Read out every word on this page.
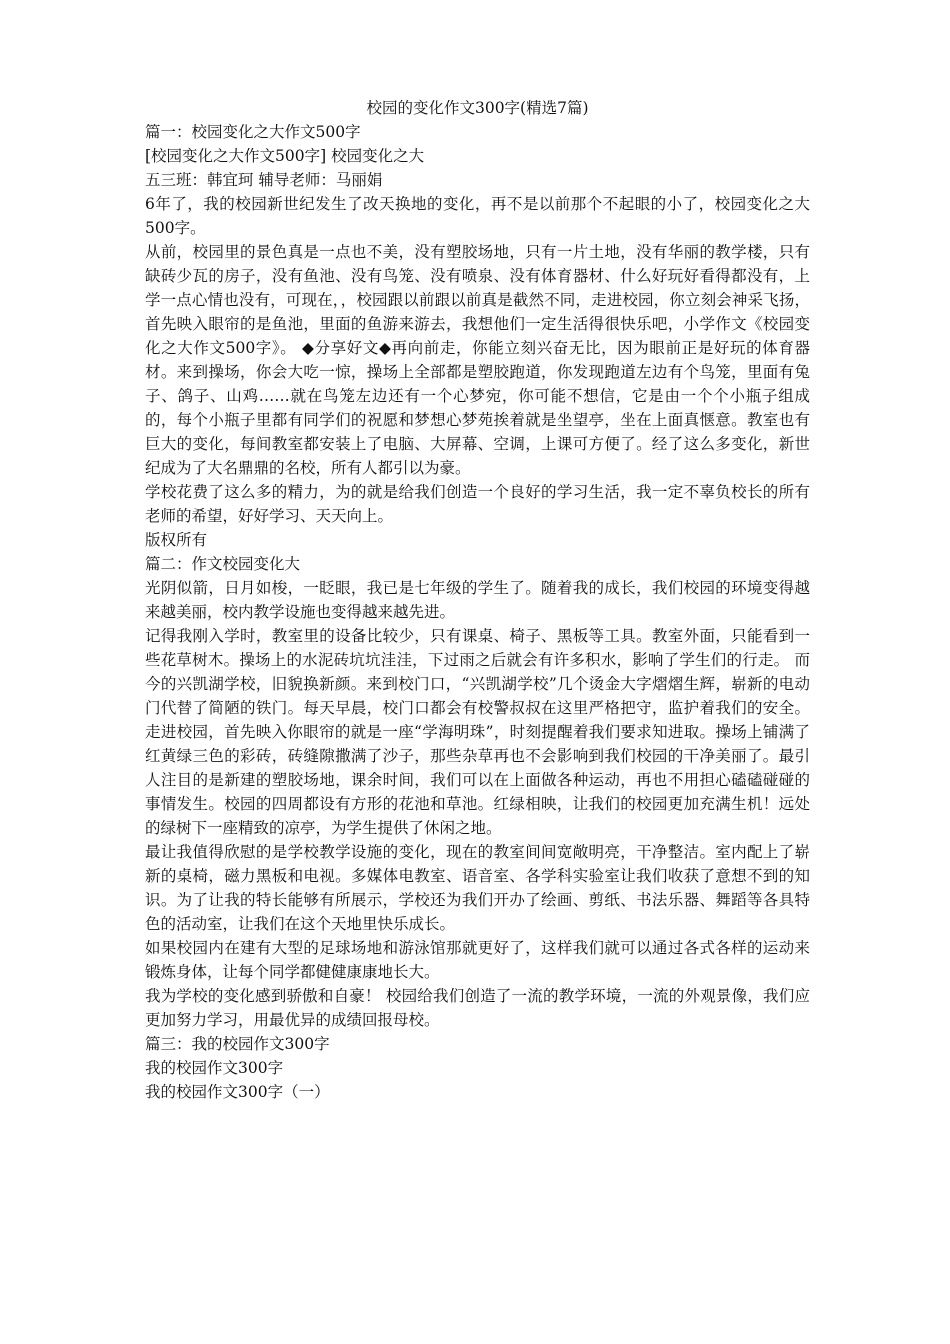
校园的变化作文300字(精选7篇)

篇一：校园变化之大作文500字

[校园变化之大作文500字] 校园变化之大

五三班：韩宜珂 辅导老师：马丽娟

6年了，我的校园新世纪发生了改天换地的变化，再不是以前那个不起眼的小了，校园变化之大500字。

从前，校园里的景色真是一点也不美，没有塑胶场地，只有一片土地，没有华丽的教学楼，只有缺砖少瓦的房子，没有鱼池、没有鸟笼、没有喷泉、没有体育器材、什么好玩好看得都没有，上学一点心情也没有，可现在，，校园跟以前跟以前真是截然不同，走进校园，你立刻会神采飞扬，首先映入眼帘的是鱼池，里面的鱼游来游去，我想他们一定生活得很快乐吧，小学作文《校园变化之大作文500字》。 ◆分享好文◆再向前走，你能立刻兴奋无比，因为眼前正是好玩的体育器材。来到操场，你会大吃一惊，操场上全部都是塑胶跑道，你发现跑道左边有个鸟笼，里面有兔子、鸽子、山鸡……就在鸟笼左边还有一个心梦宛，你可能不想信，它是由一个个小瓶子组成的，每个小瓶子里都有同学们的祝愿和梦想心梦苑挨着就是坐望亭，坐在上面真惬意。教室也有巨大的变化，每间教室都安装上了电脑、大屏幕、空调，上课可方便了。经了这么多变化，新世纪成为了大名鼎鼎的名校，所有人都引以为豪。

学校花费了这么多的精力，为的就是给我们创造一个良好的学习生活，我一定不辜负校长的所有老师的希望，好好学习、天天向上。

版权所有

篇二：作文校园变化大

光阴似箭，日月如梭，一眨眼，我已是七年级的学生了。随着我的成长，我们校园的环境变得越来越美丽，校内教学设施也变得越来越先进。

记得我刚入学时，教室里的设备比较少，只有课桌、椅子、黑板等工具。教室外面，只能看到一些花草树木。操场上的水泥砖坑坑洼洼，下过雨之后就会有许多积水，影响了学生们的行走。 而今的兴凯湖学校，旧貌换新颜。来到校门口，“兴凯湖学校”几个烫金大字熠熠生辉，崭新的电动门代替了简陋的铁门。每天早晨，校门口都会有校警叔叔在这里严格把守，监护着我们的安全。走进校园，首先映入你眼帘的就是一座“学海明珠”，时刻提醒着我们要求知进取。操场上铺满了红黄绿三色的彩砖，砖缝隙撒满了沙子，那些杂草再也不会影响到我们校园的干净美丽了。最引人注目的是新建的塑胶场地，课余时间，我们可以在上面做各种运动，再也不用担心磕磕碰碰的事情发生。校园的四周都设有方形的花池和草池。红绿相映，让我们的校园更加充满生机！远处的绿树下一座精致的凉亭，为学生提供了休闲之地。

最让我值得欣慰的是学校教学设施的变化，现在的教室间间宽敞明亮，干净整洁。室内配上了崭新的桌椅，磁力黑板和电视。多媒体电教室、语音室、各学科实验室让我们收获了意想不到的知识。为了让我的特长能够有所展示，学校还为我们开办了绘画、剪纸、书法乐器、舞蹈等各具特色的活动室，让我们在这个天地里快乐成长。

如果校园内在建有大型的足球场地和游泳馆那就更好了，这样我们就可以通过各式各样的运动来锻炼身体，让每个同学都健健康康地长大。

我为学校的变化感到骄傲和自豪！ 校园给我们创造了一流的教学环境，一流的外观景像，我们应更加努力学习，用最优异的成绩回报母校。

篇三：我的校园作文300字

我的校园作文300字

我的校园作文300字（一）
